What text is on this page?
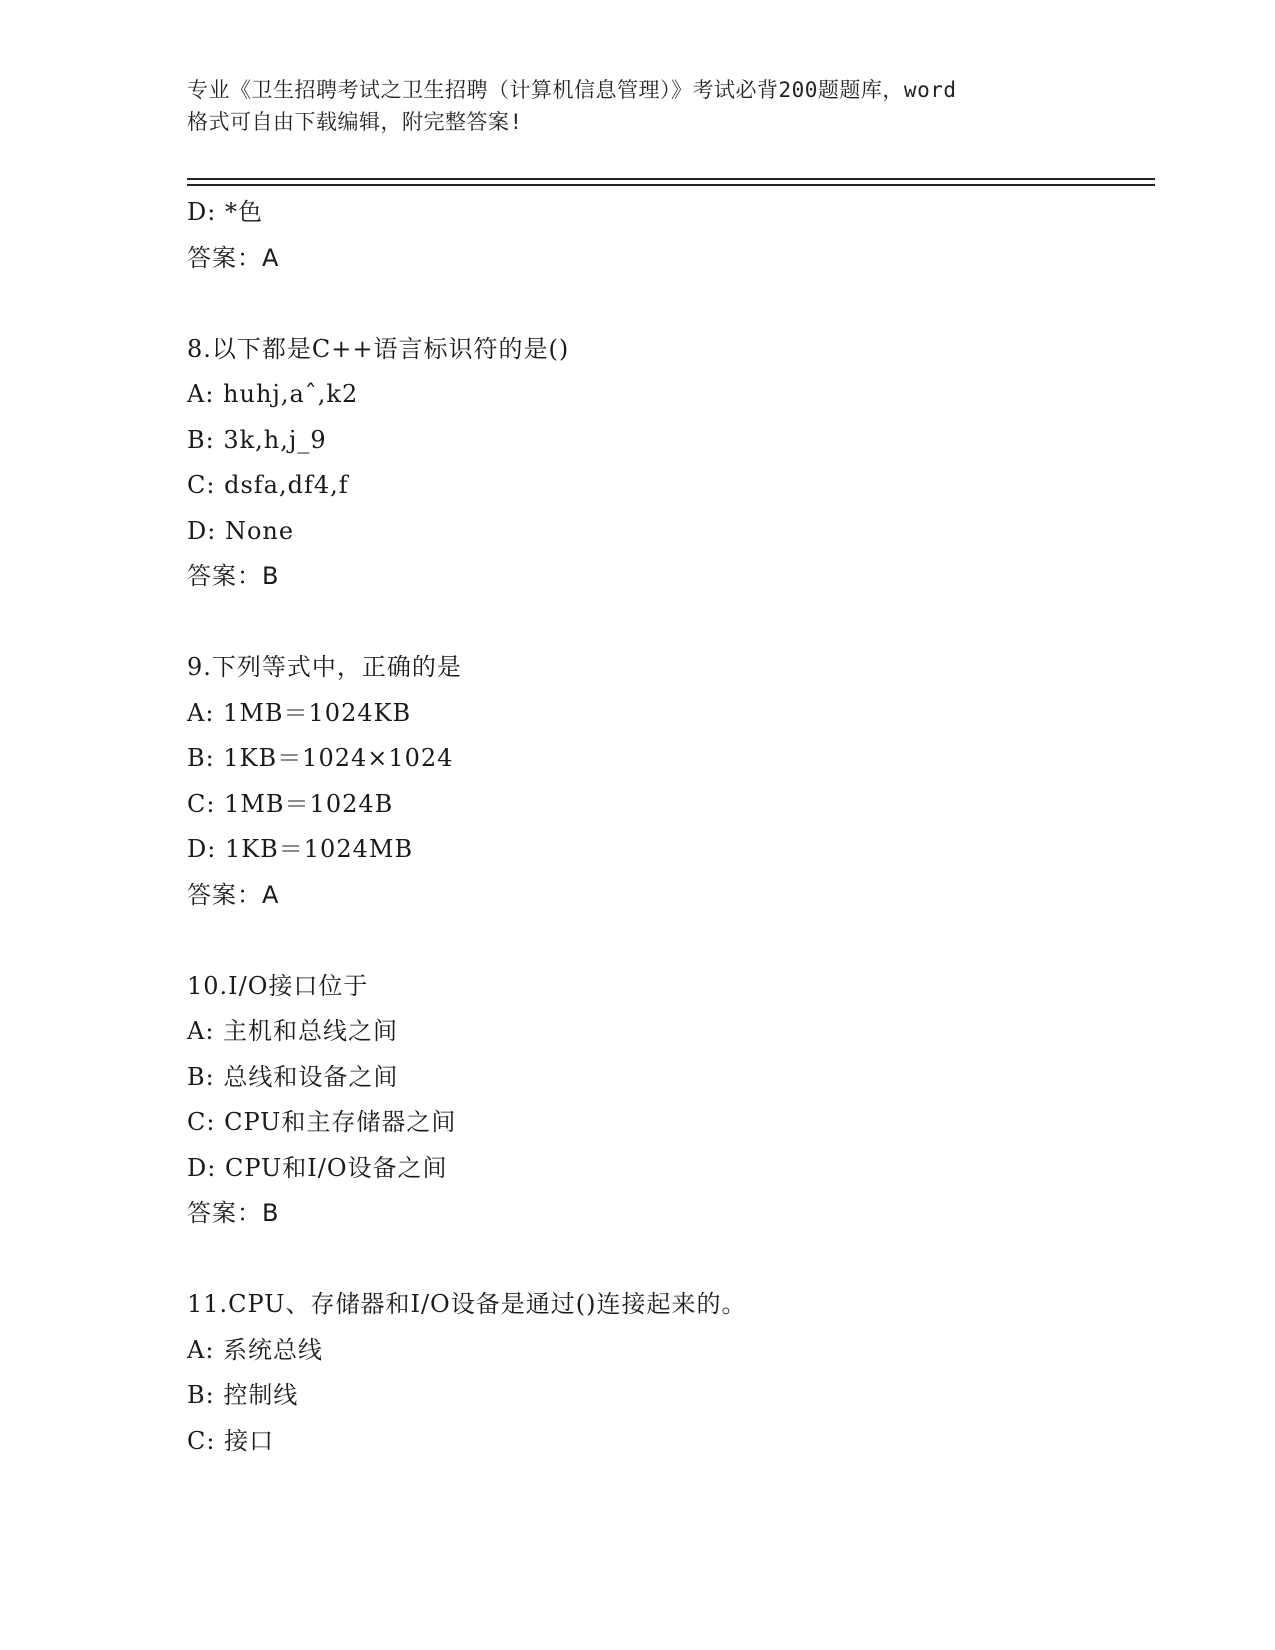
专业《卫生招聘考试之卫生招聘（计算机信息管理）》考试必背200题题库，word
格式可自由下载编辑，附完整答案!
D: *色
答案：A
8.以下都是C++语言标识符的是()
A: huhj,aˆ,k2
B: 3k,h,j_9
C: dsfa,df4,f
D: None
答案：B
9.下列等式中，正确的是
A: 1MB＝1024KB
B: 1KB＝1024×1024
C: 1MB＝1024B
D: 1KB＝1024MB
答案：A
10.I/O接口位于
A: 主机和总线之间
B: 总线和设备之间
C: CPU和主存储器之间
D: CPU和I/O设备之间
答案：B
11.CPU、存储器和I/O设备是通过()连接起来的。
A: 系统总线
B: 控制线
C: 接口
